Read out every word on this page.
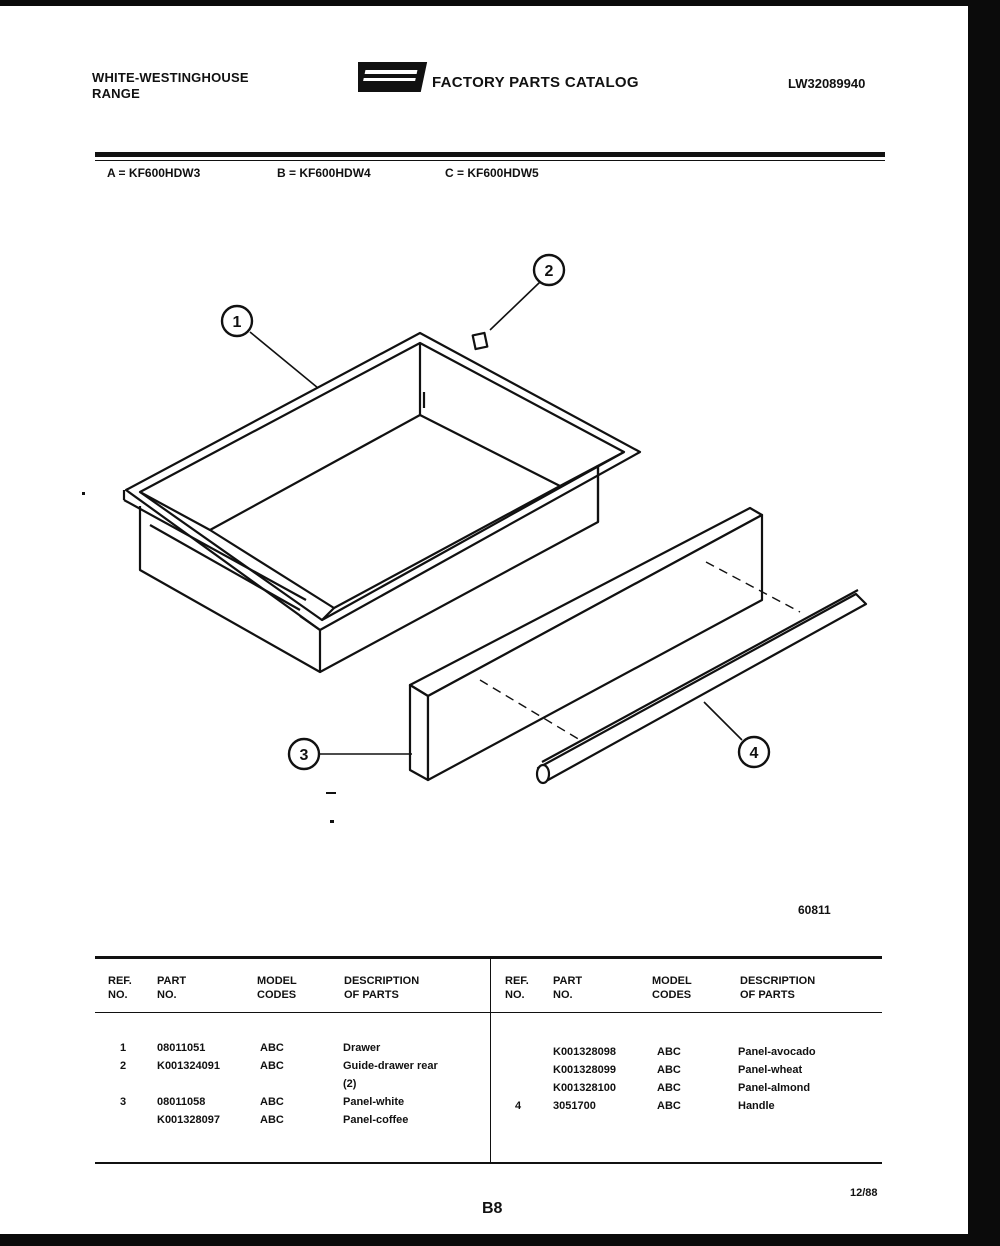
WHITE-WESTINGHOUSE
RANGE
FACTORY PARTS CATALOG	LW32089940
A = KF600HDW3	B = KF600HDW4	C = KF600HDW5
1
2
3	4
60811
REF.
NO.
PART
NO.
MODEL
CODES
DESCRIPTION
OF PARTS
REF.
NO.
PART
NO.
MODEL
CODES
DESCRIPTION
OF PARTS
1	08011051	ABC	Drawer
2	K001324091	ABC	Guide-drawer rear
(2)
3	08011058	ABC	Panel-white
K001328097	ABC	Panel-coffee
K001328098	ABC	Panel-avocado
K001328099	ABC	Panel-wheat
K001328100	ABC	Panel-almond
4	3051700	ABC	Handle
B8
12/88
